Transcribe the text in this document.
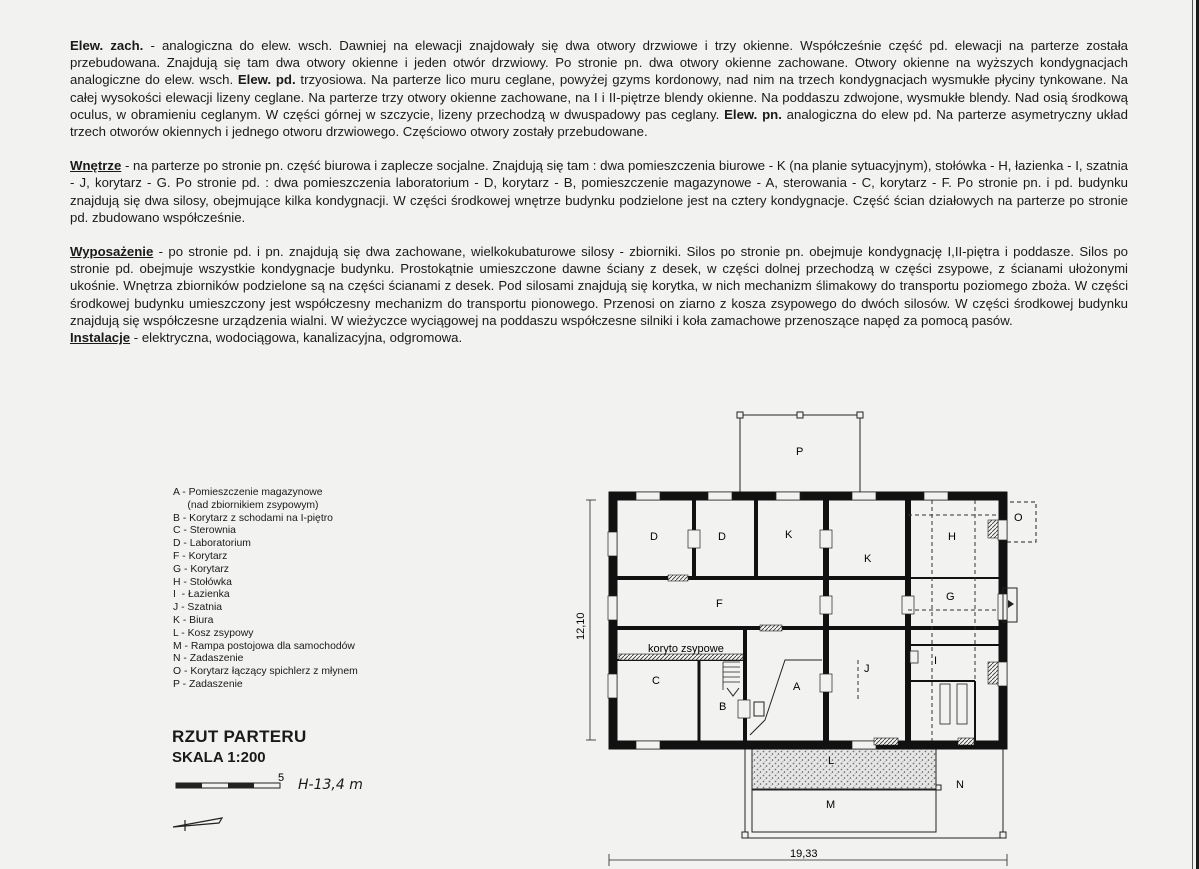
Elew. zach. - analogiczna do elew. wsch. Dawniej na elewacji znajdowały się dwa otwory drzwiowe i trzy okienne. Współcześnie część pd. elewacji na parterze została przebudowana. Znajdują się tam dwa otwory okienne i jeden otwór drzwiowy. Po stronie pn. dwa otwory okienne zachowane. Otwory okienne na wyższych kondygnacjach analogiczne do elew. wsch. Elew. pd. trzyosiowa. Na parterze lico muru ceglane, powyżej gzyms kordonowy, nad nim na trzech kondygnacjach wysmukłe płyciny tynkowane. Na całej wysokości elewacji lizeny ceglane. Na parterze trzy otwory okienne zachowane, na I i II-piętrze blendy okienne. Na poddaszu zdwojone, wysmukłe blendy. Nad osią środkową oculus, w obramieniu ceglanym. W części górnej w szczycie, lizeny przechodzą w dwuspadowy pas ceglany. Elew. pn. analogiczna do elew pd. Na parterze asymetryczny układ trzech otworów okiennych i jednego otworu drzwiowego. Częściowo otwory zostały przebudowane.

Wnętrze - na parterze po stronie pn. część biurowa i zaplecze socjalne. Znajdują się tam : dwa pomieszczenia biurowe - K (na planie sytuacyjnym), stołówka - H, łazienka - I, szatnia - J, korytarz - G. Po stronie pd. : dwa pomieszczenia laboratorium - D, korytarz - B, pomieszczenie magazynowe - A, sterowania - C, korytarz - F. Po stronie pn. i pd. budynku znajdują się dwa silosy, obejmujące kilka kondygnacji. W części środkowej wnętrze budynku podzielone jest na cztery kondygnacje. Część ścian działowych na parterze po stronie pd. zbudowano współcześnie.

Wyposażenie - po stronie pd. i pn. znajdują się dwa zachowane, wielkokubaturowe silosy - zbiorniki. Silos po stronie pn. obejmuje kondygnację I,II-piętra i poddasze. Silos po stronie pd. obejmuje wszystkie kondygnacje budynku. Prostokątnie umieszczone dawne ściany z desek, w części dolnej przechodzą w części zsypowe, z ścianami ułożonymi ukośnie. Wnętrza zbiorników podzielone są na części ścianami z desek. Pod silosami znajdują się korytka, w nich mechanizm ślimakowy do transportu poziomego zboża. W części środkowej budynku umieszczony jest współczesny mechanizm do transportu pionowego. Przenosi on ziarno z kosza zsypowego do dwóch silosów. W części środkowej budynku znajdują się współczesne urządzenia wialni. W wieżyczce wyciągowej na poddaszu współczesne silniki i koła zamachowe przenoszące napęd za pomocą pasów.
Instalacje - elektryczna, wodociągowa, kanalizacyjna, odgromowa.

A - Pomieszczenie magazynowe
(nad zbiornikiem zsypowym)
B - Korytarz z schodami na I-piętro
C - Sterownia
D - Laboratorium
F - Korytarz
G - Korytarz
H - Stołówka
I  - Łazienka
J - Szatnia
K - Biura
L - Kosz zsypowy
M - Rampa postojowa dla samochodów
N - Zadaszenie
O - Korytarz łączący spichlerz z młynem
P - Zadaszenie
RZUT PARTERU
SKALA 1:200
H-13,4 m
5
koryto zsypowe
P
D	D	K
K
H
O
F
G
C	A
B
J
I
L
M
N
12,10
19,33
